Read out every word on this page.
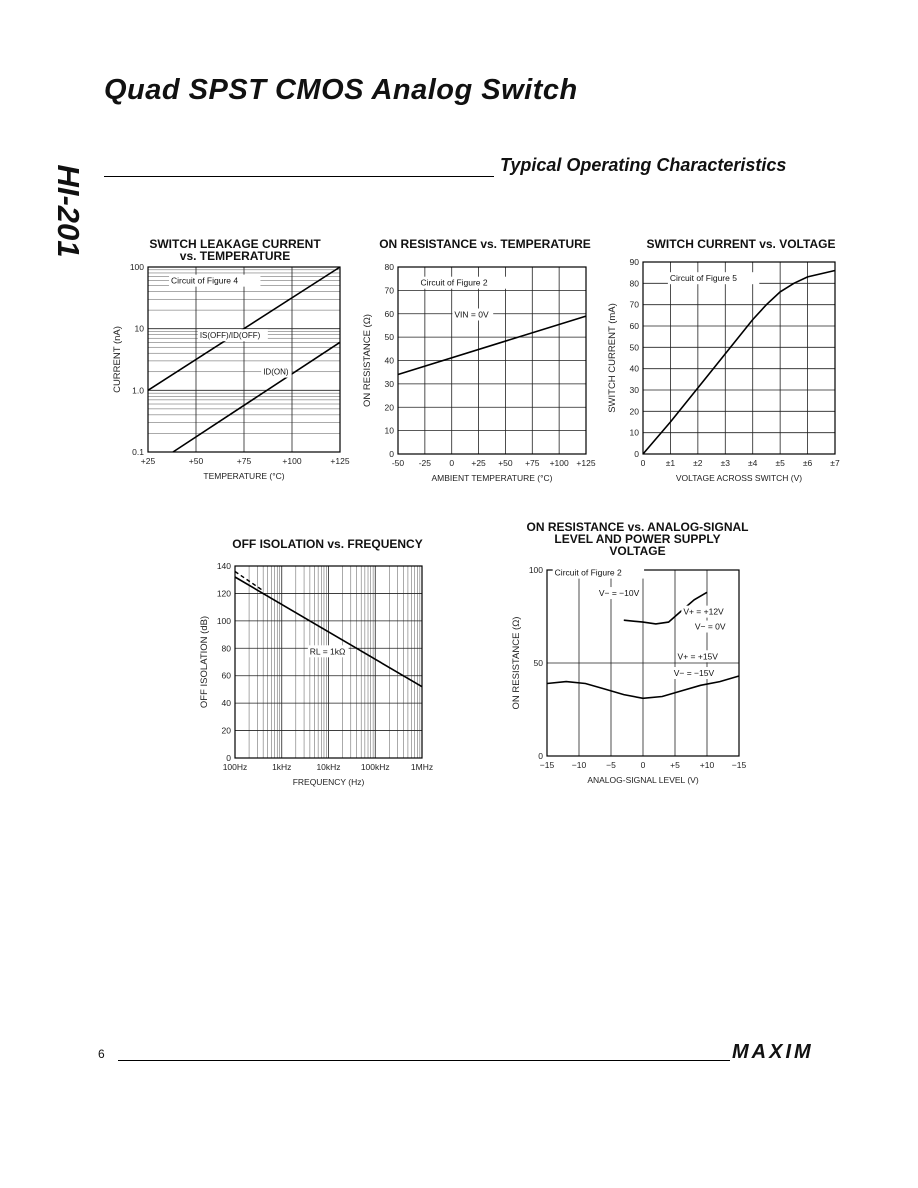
Quad SPST CMOS Analog Switch
HI-201	Typical Operating Characteristics
SWITCH LEAKAGE CURRENT
vs. TEMPERATURE
+25	+50	+75	+100	+125
0.1
1.0
10
100
TEMPERATURE (°C)
CURRENT (nA)
Circuit of Figure 4
IS(OFF)/ID(OFF)
ID(ON)
ON RESISTANCE vs. TEMPERATURE
-50 -25 0 +25 +50 +75 +100 +125
0
10
20
30
40
50
60
70
80
AMBIENT TEMPERATURE (°C)
ON RESISTANCE (Ω)
Circuit of Figure 2
VIN = 0V
SWITCH CURRENT vs. VOLTAGE
0 ±1 ±2 ±3 ±4 ±5 ±6 ±7
0
10
20
30
40
50
60
70
80
90
VOLTAGE ACROSS SWITCH (V)
SWITCH CURRENT (mA)
Circuit of Figure 5
OFF ISOLATION vs. FREQUENCY
100Hz	1kHz	10kHz 100kHz 1MHz
0
20
40
60
80
100
120
140
FREQUENCY (Hz)
OFF ISOLATION (dB)	RL = 1kΩ
ON RESISTANCE vs. ANALOG-SIGNAL
LEVEL AND POWER SUPPLY
VOLTAGE
−15 −10 −5	0	+5 +10 −15
0
50
100
ANALOG-SIGNAL LEVEL (V)
ON RESISTANCE (Ω)
Circuit of Figure 2
V− = −10V
V+ = +12V
V− = 0V
V+ = +15V
V− = −15V
6	MAXIM
